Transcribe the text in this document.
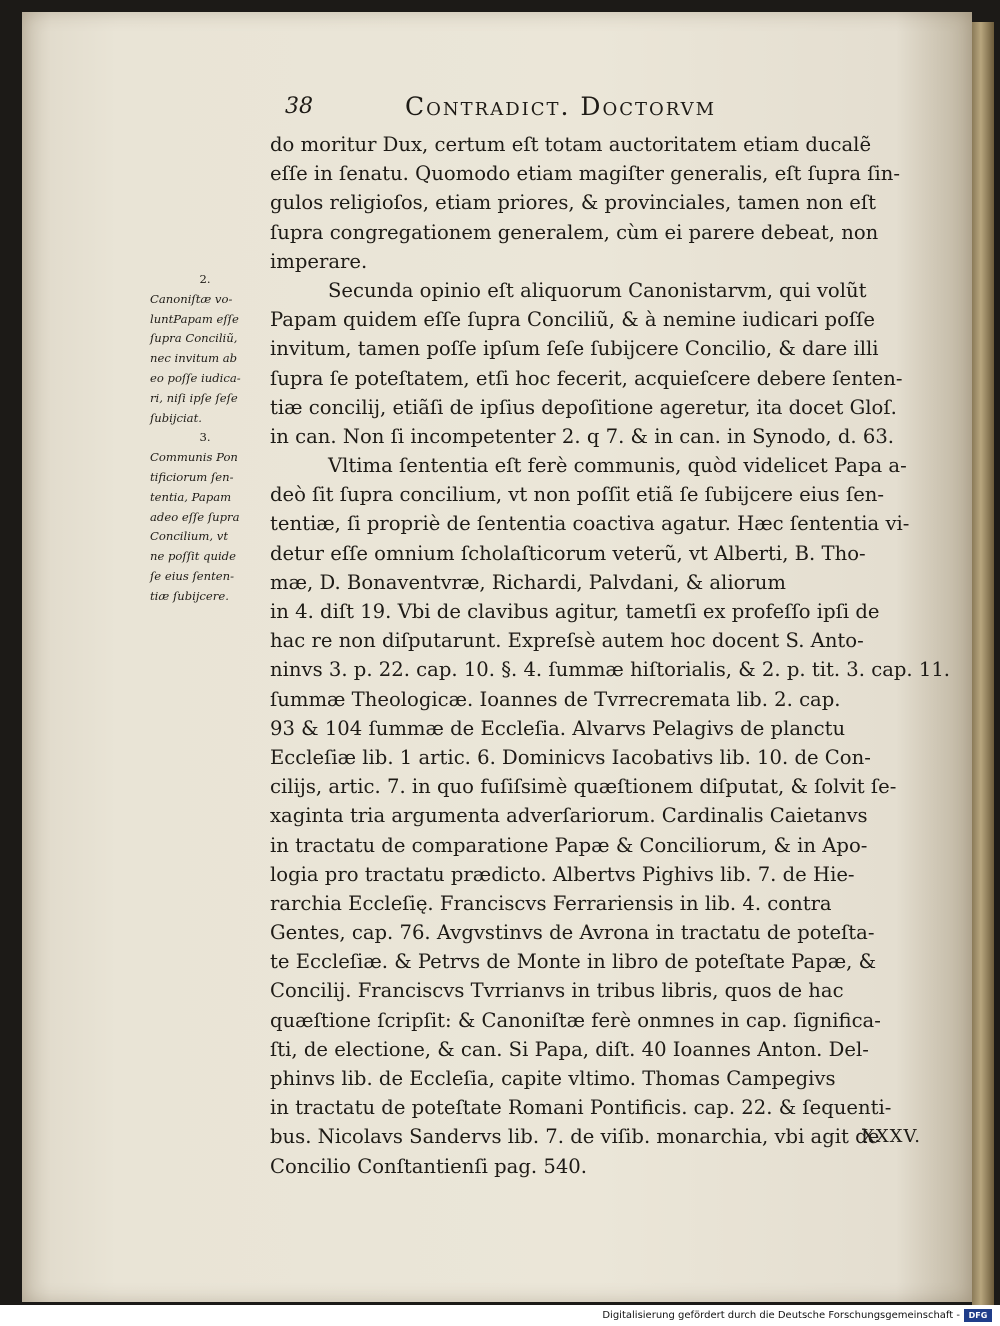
38	Contradict. Doctorvm
do moritur Dux, certum eſt totam auctoritatem etiam ducalẽ
eſſe in ſenatu. Quomodo etiam magiſter generalis, eſt ſupra ſin-
gulos religioſos, etiam priores, & provinciales, tamen non eſt
ſupra congregationem generalem, cùm ei parere debeat, non
imperare.
Secunda opinio eſt aliquorum Canonistarvm, qui volũt
Papam quidem eſſe ſupra Conciliũ, & à nemine iudicari poſſe
invitum, tamen poſſe ipſum ſeſe ſubijcere Concilio, & dare illi
ſupra ſe poteſtatem, etſi hoc fecerit, acquieſcere debere ſenten-
tiæ concilij, etiãſi de ipſius depoſitione ageretur, ita docet Gloſ.
in can. Non ſi incompetenter 2. q 7. & in can. in Synodo, d. 63.
Vltima ſententia eſt ferè communis, quòd videlicet Papa a-
deò ſit ſupra concilium, vt non poſſit etiã ſe ſubijcere eius ſen-
tentiæ, ſi propriè de ſententia coactiva agatur. Hæc ſententia vi-
detur eſſe omnium ſcholaſticorum veterũ, vt Alberti, B. Tho-
mæ, D. Bonaventvræ, Richardi, Palvdani, & aliorum
in 4. diſt 19. Vbi de clavibus agitur, tametſi ex profeſſo ipſi de
hac re non diſputarunt. Expreſsè autem hoc docent S. Anto-
ninvs 3. p. 22. cap. 10. §. 4. ſummæ hiſtorialis, & 2. p. tit. 3. cap. 11.
ſummæ Theologicæ. Ioannes de Tvrrecremata lib. 2. cap.
93 & 104 ſummæ de Eccleſia. Alvarvs Pelagivs de planctu
Eccleſiæ lib. 1 artic. 6. Dominicvs Iacobativs lib. 10. de Con-
cilijs, artic. 7. in quo fuſiſsimè quæſtionem diſputat, & ſolvit ſe-
xaginta tria argumenta adverſariorum. Cardinalis Caietanvs
in tractatu de comparatione Papæ & Conciliorum, & in Apo-
logia pro tractatu prædicto. Albertvs Pighivs lib. 7. de Hie-
rarchia Eccleſię. Franciscvs Ferrariensis in lib. 4. contra
Gentes, cap. 76. Avgvstinvs de Avrona in tractatu de poteſta-
te Eccleſiæ. & Petrvs de Monte in libro de poteſtate Papæ, &
Concilij. Franciscvs Tvrrianvs in tribus libris, quos de hac
quæſtione ſcripſit: & Canoniſtæ ferè onmnes in cap. ſignifica-
ſti, de electione, & can. Si Papa, diſt. 40 Ioannes Anton. Del-
phinvs lib. de Eccleſia, capite vltimo. Thomas Campegivs
in tractatu de poteſtate Romani Pontificis. cap. 22. & ſequenti-
bus. Nicolavs Sandervs lib. 7. de viſib. monarchia, vbi agit de
Concilio Conſtantienſi pag. 540.
2.
Canoniſtæ vo-
luntPapam eſſe
ſupra Conciliũ,
nec invitum ab
eo poſſe iudica-
ri, niſi ipſe ſeſe
ſubijciat.
3.
Communis Pon
tificiorum ſen-
tentia, Papam
adeo eſſe ſupra
Concilium, vt
ne poſſit quide
ſe eius ſenten-
tiæ ſubijcere.
XXXV.
Digitalisierung gefördert durch die Deutsche Forschungsgemeinschaft -	DFG
